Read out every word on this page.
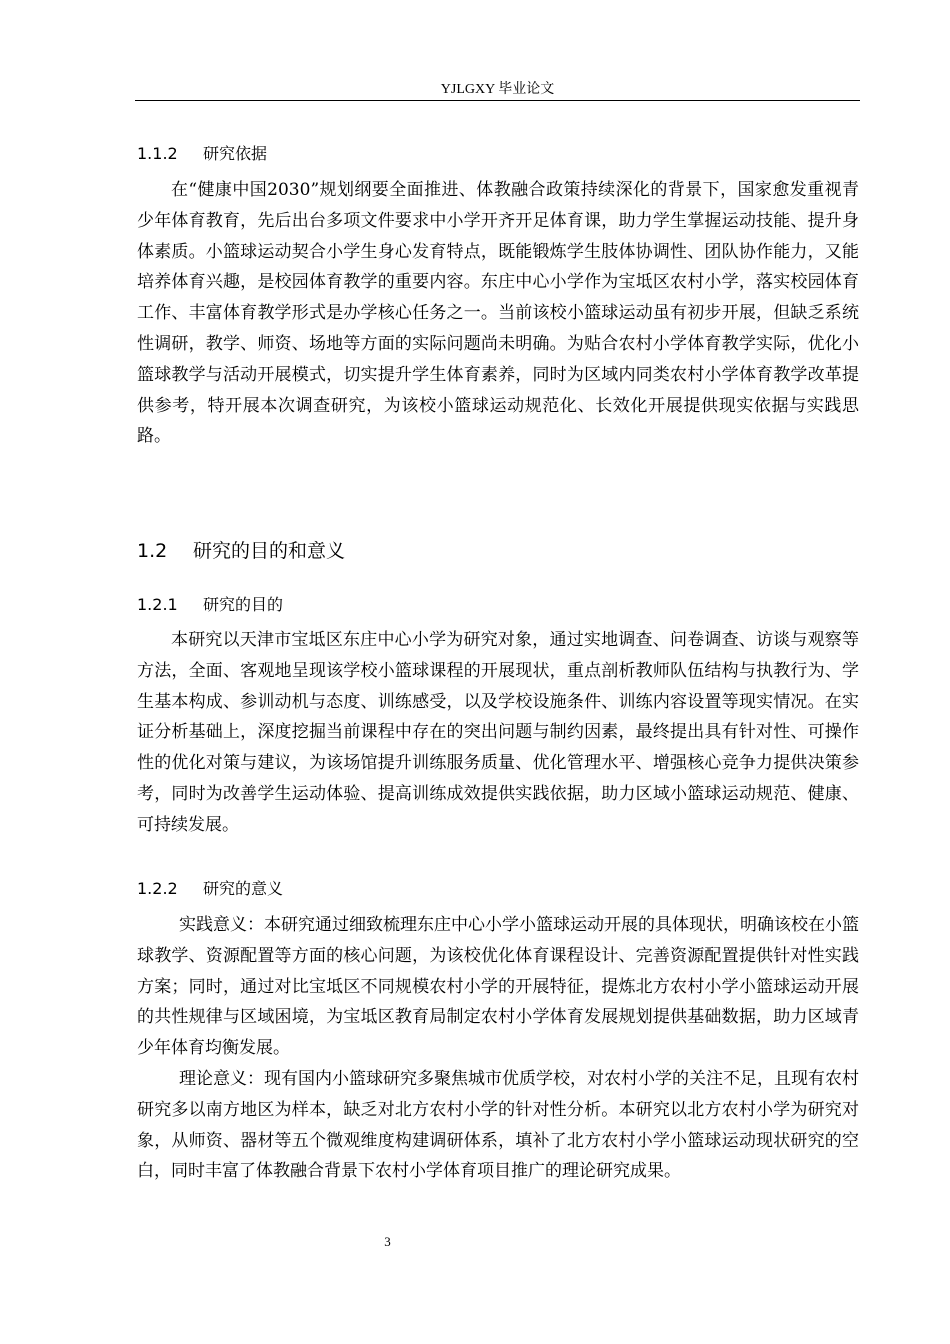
YJLGXY 毕业论文
1.1.2 研究依据

在“健康中国2030”规划纲要全面推进、体教融合政策持续深化的背景下，国家愈发重视青少年体育教育，先后出台多项文件要求中小学开齐开足体育课，助力学生掌握运动技能、提升身体素质。小篮球运动契合小学生身心发育特点，既能锻炼学生肢体协调性、团队协作能力，又能培养体育兴趣，是校园体育教学的重要内容。东庄中心小学作为宝坻区农村小学，落实校园体育工作、丰富体育教学形式是办学核心任务之一。当前该校小篮球运动虽有初步开展，但缺乏系统性调研，教学、师资、场地等方面的实际问题尚未明确。为贴合农村小学体育教学实际，优化小篮球教学与活动开展模式，切实提升学生体育素养，同时为区域内同类农村小学体育教学改革提供参考，特开展本次调查研究，为该校小篮球运动规范化、长效化开展提供现实依据与实践思路。

1.2 研究的目的和意义
1.2.1 研究的目的

本研究以天津市宝坻区东庄中心小学为研究对象，通过实地调查、问卷调查、访谈与观察等方法，全面、客观地呈现该学校小篮球课程的开展现状，重点剖析教师队伍结构与执教行为、学生基本构成、参训动机与态度、训练感受，以及学校设施条件、训练内容设置等现实情况。在实证分析基础上，深度挖掘当前课程中存在的突出问题与制约因素，最终提出具有针对性、可操作性的优化对策与建议，为该场馆提升训练服务质量、优化管理水平、增强核心竞争力提供决策参考，同时为改善学生运动体验、提高训练成效提供实践依据，助力区域小篮球运动规范、健康、可持续发展。

1.2.2 研究的意义

实践意义：本研究通过细致梳理东庄中心小学小篮球运动开展的具体现状，明确该校在小篮球教学、资源配置等方面的核心问题，为该校优化体育课程设计、完善资源配置提供针对性实践方案；同时，通过对比宝坻区不同规模农村小学的开展特征，提炼北方农村小学小篮球运动开展的共性规律与区域困境，为宝坻区教育局制定农村小学体育发展规划提供基础数据，助力区域青少年体育均衡发展。

理论意义：现有国内小篮球研究多聚焦城市优质学校，对农村小学的关注不足，且现有农村研究多以南方地区为样本，缺乏对北方农村小学的针对性分析。本研究以北方农村小学为研究对象，从师资、器材等五个微观维度构建调研体系，填补了北方农村小学小篮球运动现状研究的空白，同时丰富了体教融合背景下农村小学体育项目推广的理论研究成果。

3
